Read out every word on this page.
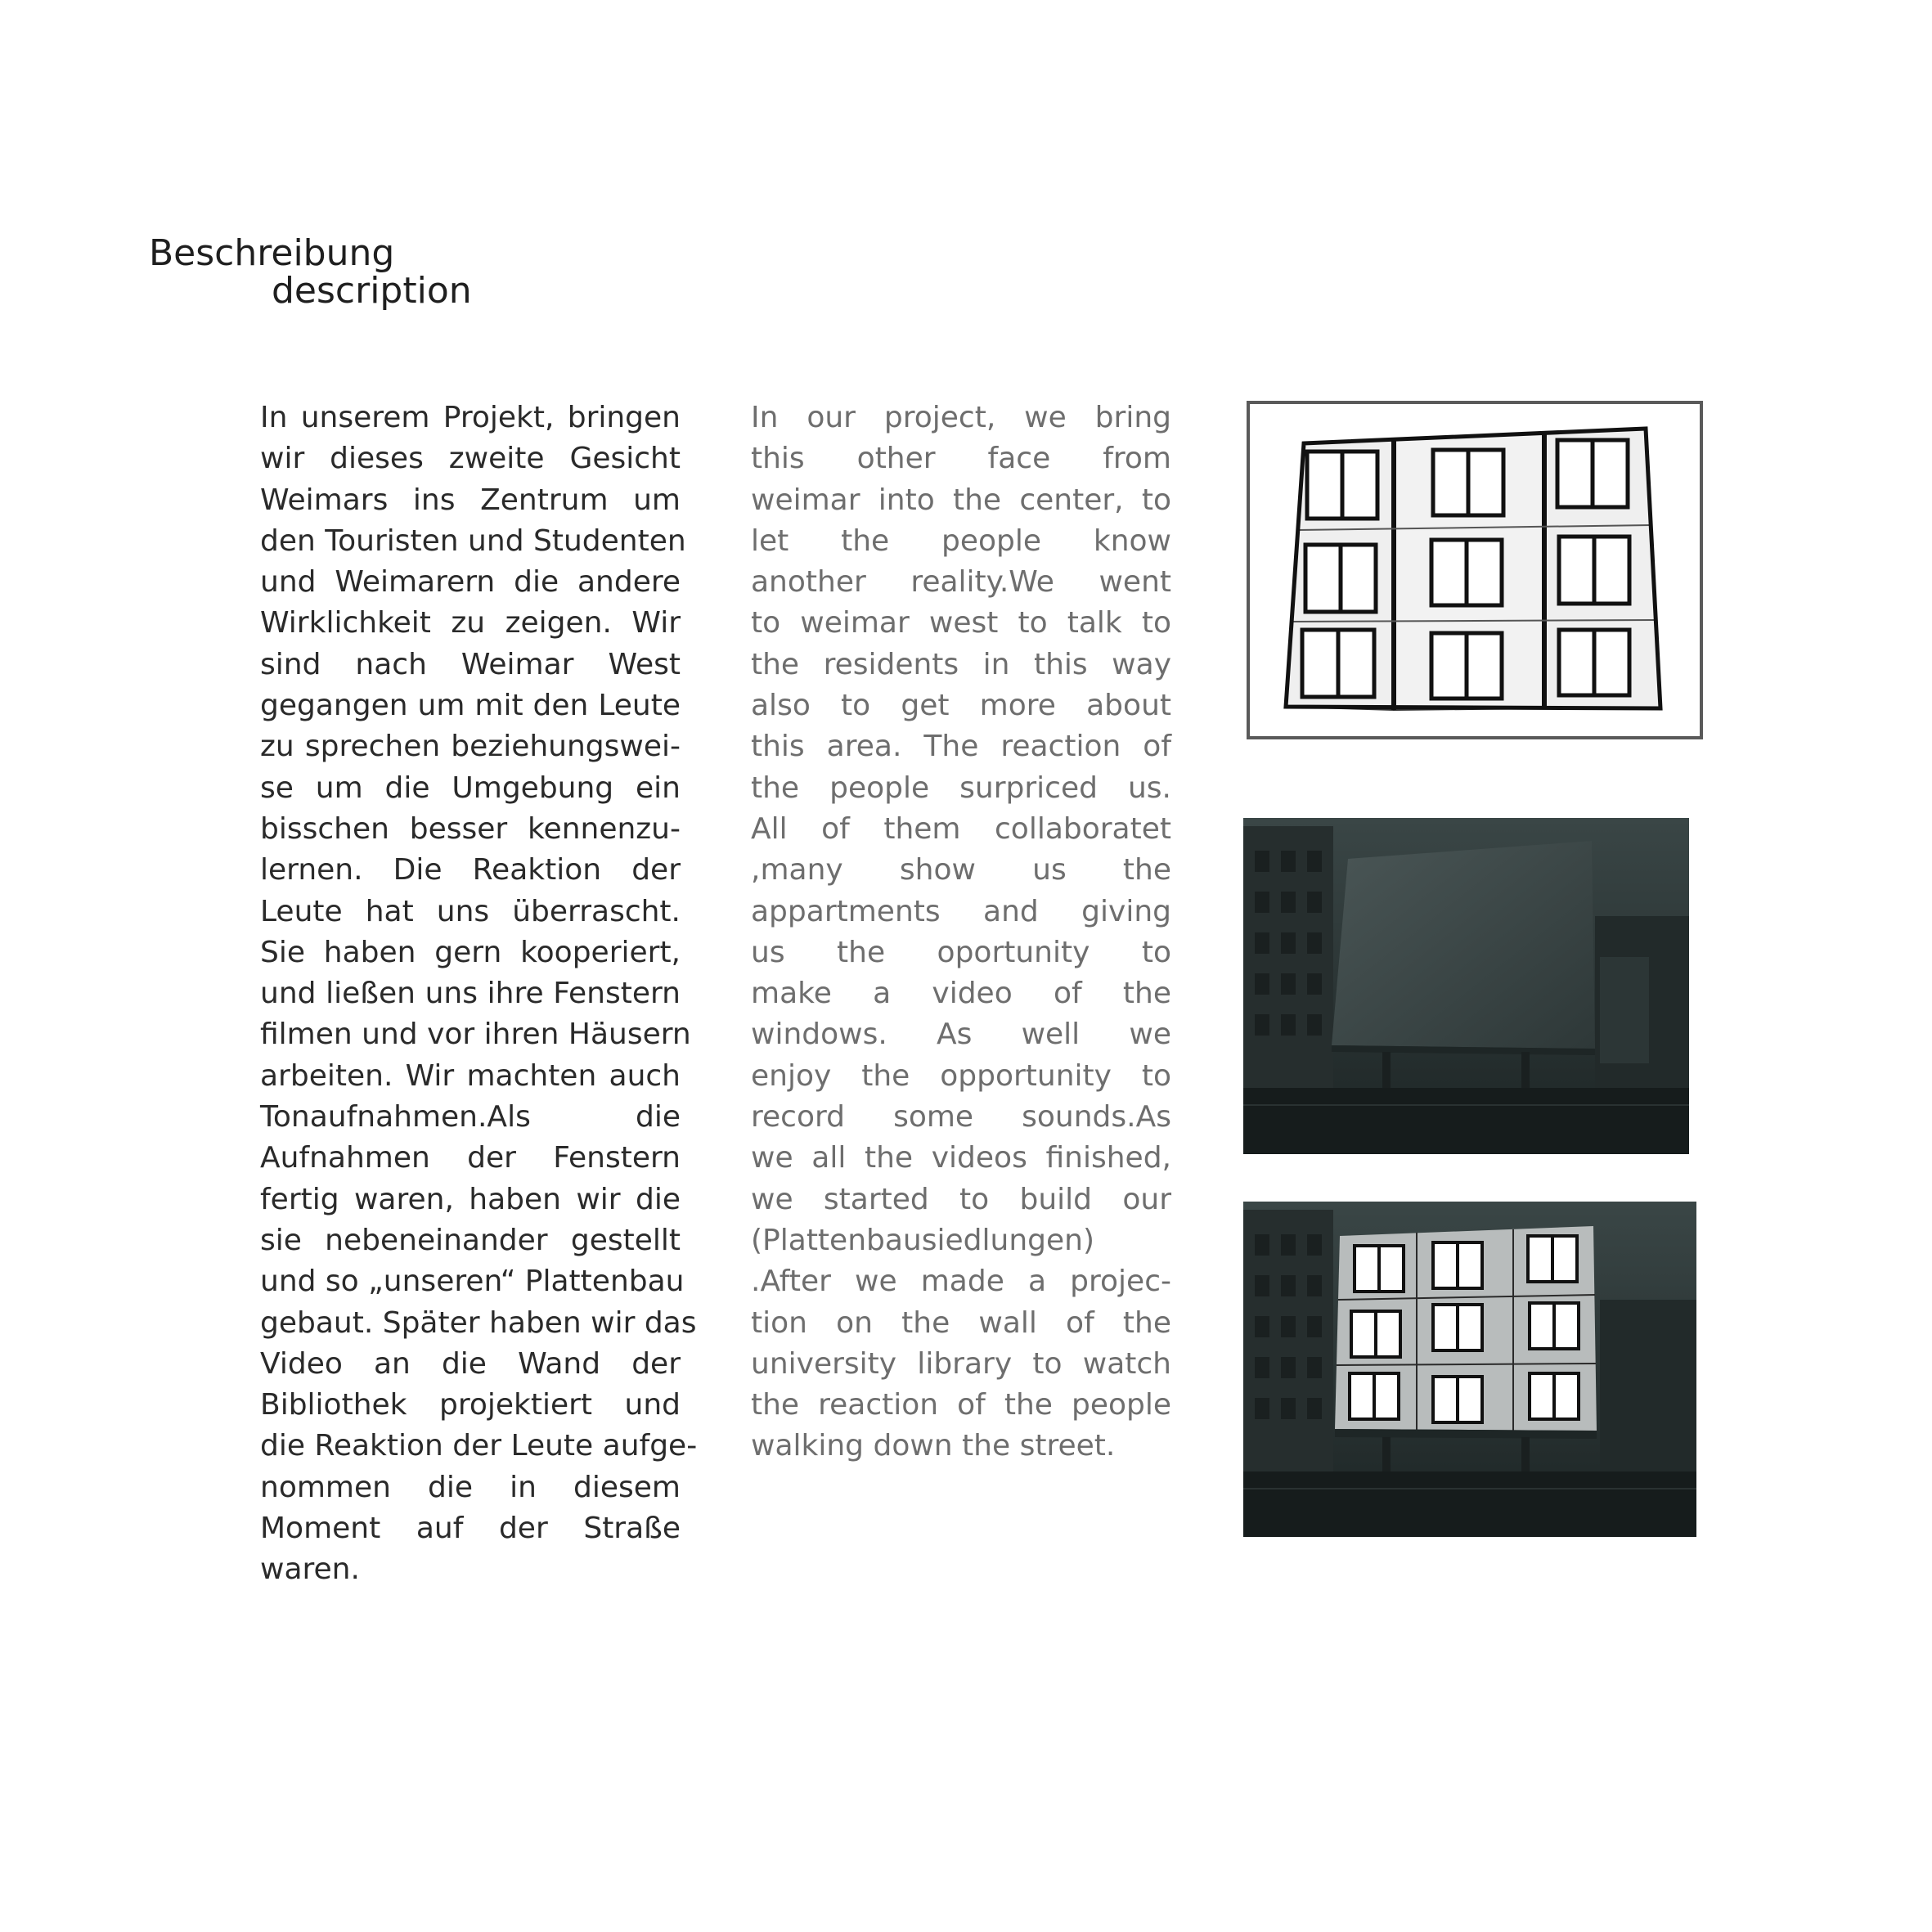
Beschreibung
description
In unserem Projekt, bringen
wir dieses zweite Gesicht
Weimars ins Zentrum um
den Touristen und Studenten
und Weimarern die andere
Wirklichkeit zu zeigen. Wir
sind nach Weimar West
gegangen um mit den Leute
zu sprechen beziehungswei-
se um die Umgebung ein
bisschen besser kennenzu-
lernen. Die Reaktion der
Leute hat uns überrascht.
Sie haben gern kooperiert,
und ließen uns ihre Fenstern
filmen und vor ihren Häusern
arbeiten. Wir machten auch
Tonaufnahmen.Als die
Aufnahmen der Fenstern
fertig waren, haben wir die
sie nebeneinander gestellt
und so „unseren“ Plattenbau
gebaut. Später haben wir das
Video an die Wand der
Bibliothek projektiert und
die Reaktion der Leute aufge-
nommen die in diesem
Moment auf der Straße
waren.
In our project, we bring
this other face from
weimar into the center, to
let the people know
another reality.We went
to weimar west to talk to
the residents in this way
also to get more about
this area. The reaction of
the people surpriced us.
All of them collaboratet
,many show us the
appartments and giving
us the oportunity to
make a video of the
windows. As well we
enjoy the opportunity to
record some sounds.As
we all the videos finished,
we started to build our
(Plattenbausiedlungen)
.After we made a projec-
tion on the wall of the
university library to watch
the reaction of the people
walking down the street.
